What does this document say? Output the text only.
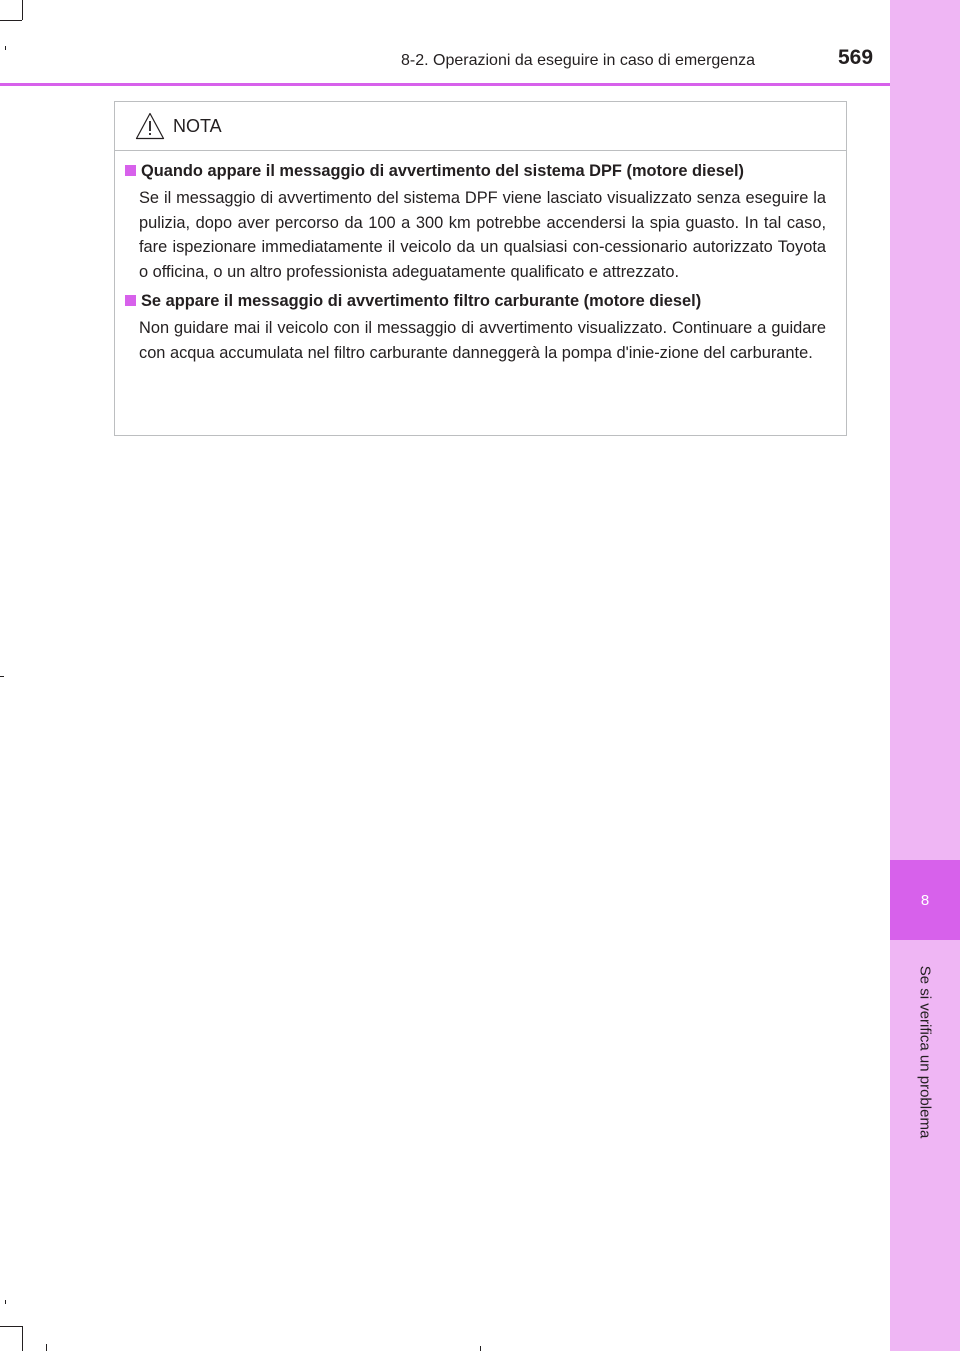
8
Se si verifica un problema
8-2. Operazioni da eseguire in caso di emergenza	569
NOTA
Quando appare il messaggio di avvertimento del sistema DPF (motore diesel)

Se il messaggio di avvertimento del sistema DPF viene lasciato visualizzato senza eseguire la pulizia, dopo aver percorso da 100 a 300 km potrebbe accendersi la spia guasto. In tal caso, fare ispezionare immediatamente il veicolo da un qualsiasi con-cessionario autorizzato Toyota o officina, o un altro professionista adeguatamente qualificato e attrezzato.

Se appare il messaggio di avvertimento filtro carburante (motore diesel)

Non guidare mai il veicolo con il messaggio di avvertimento visualizzato. Continuare a guidare con acqua accumulata nel filtro carburante danneggerà la pompa d'inie-zione del carburante.
